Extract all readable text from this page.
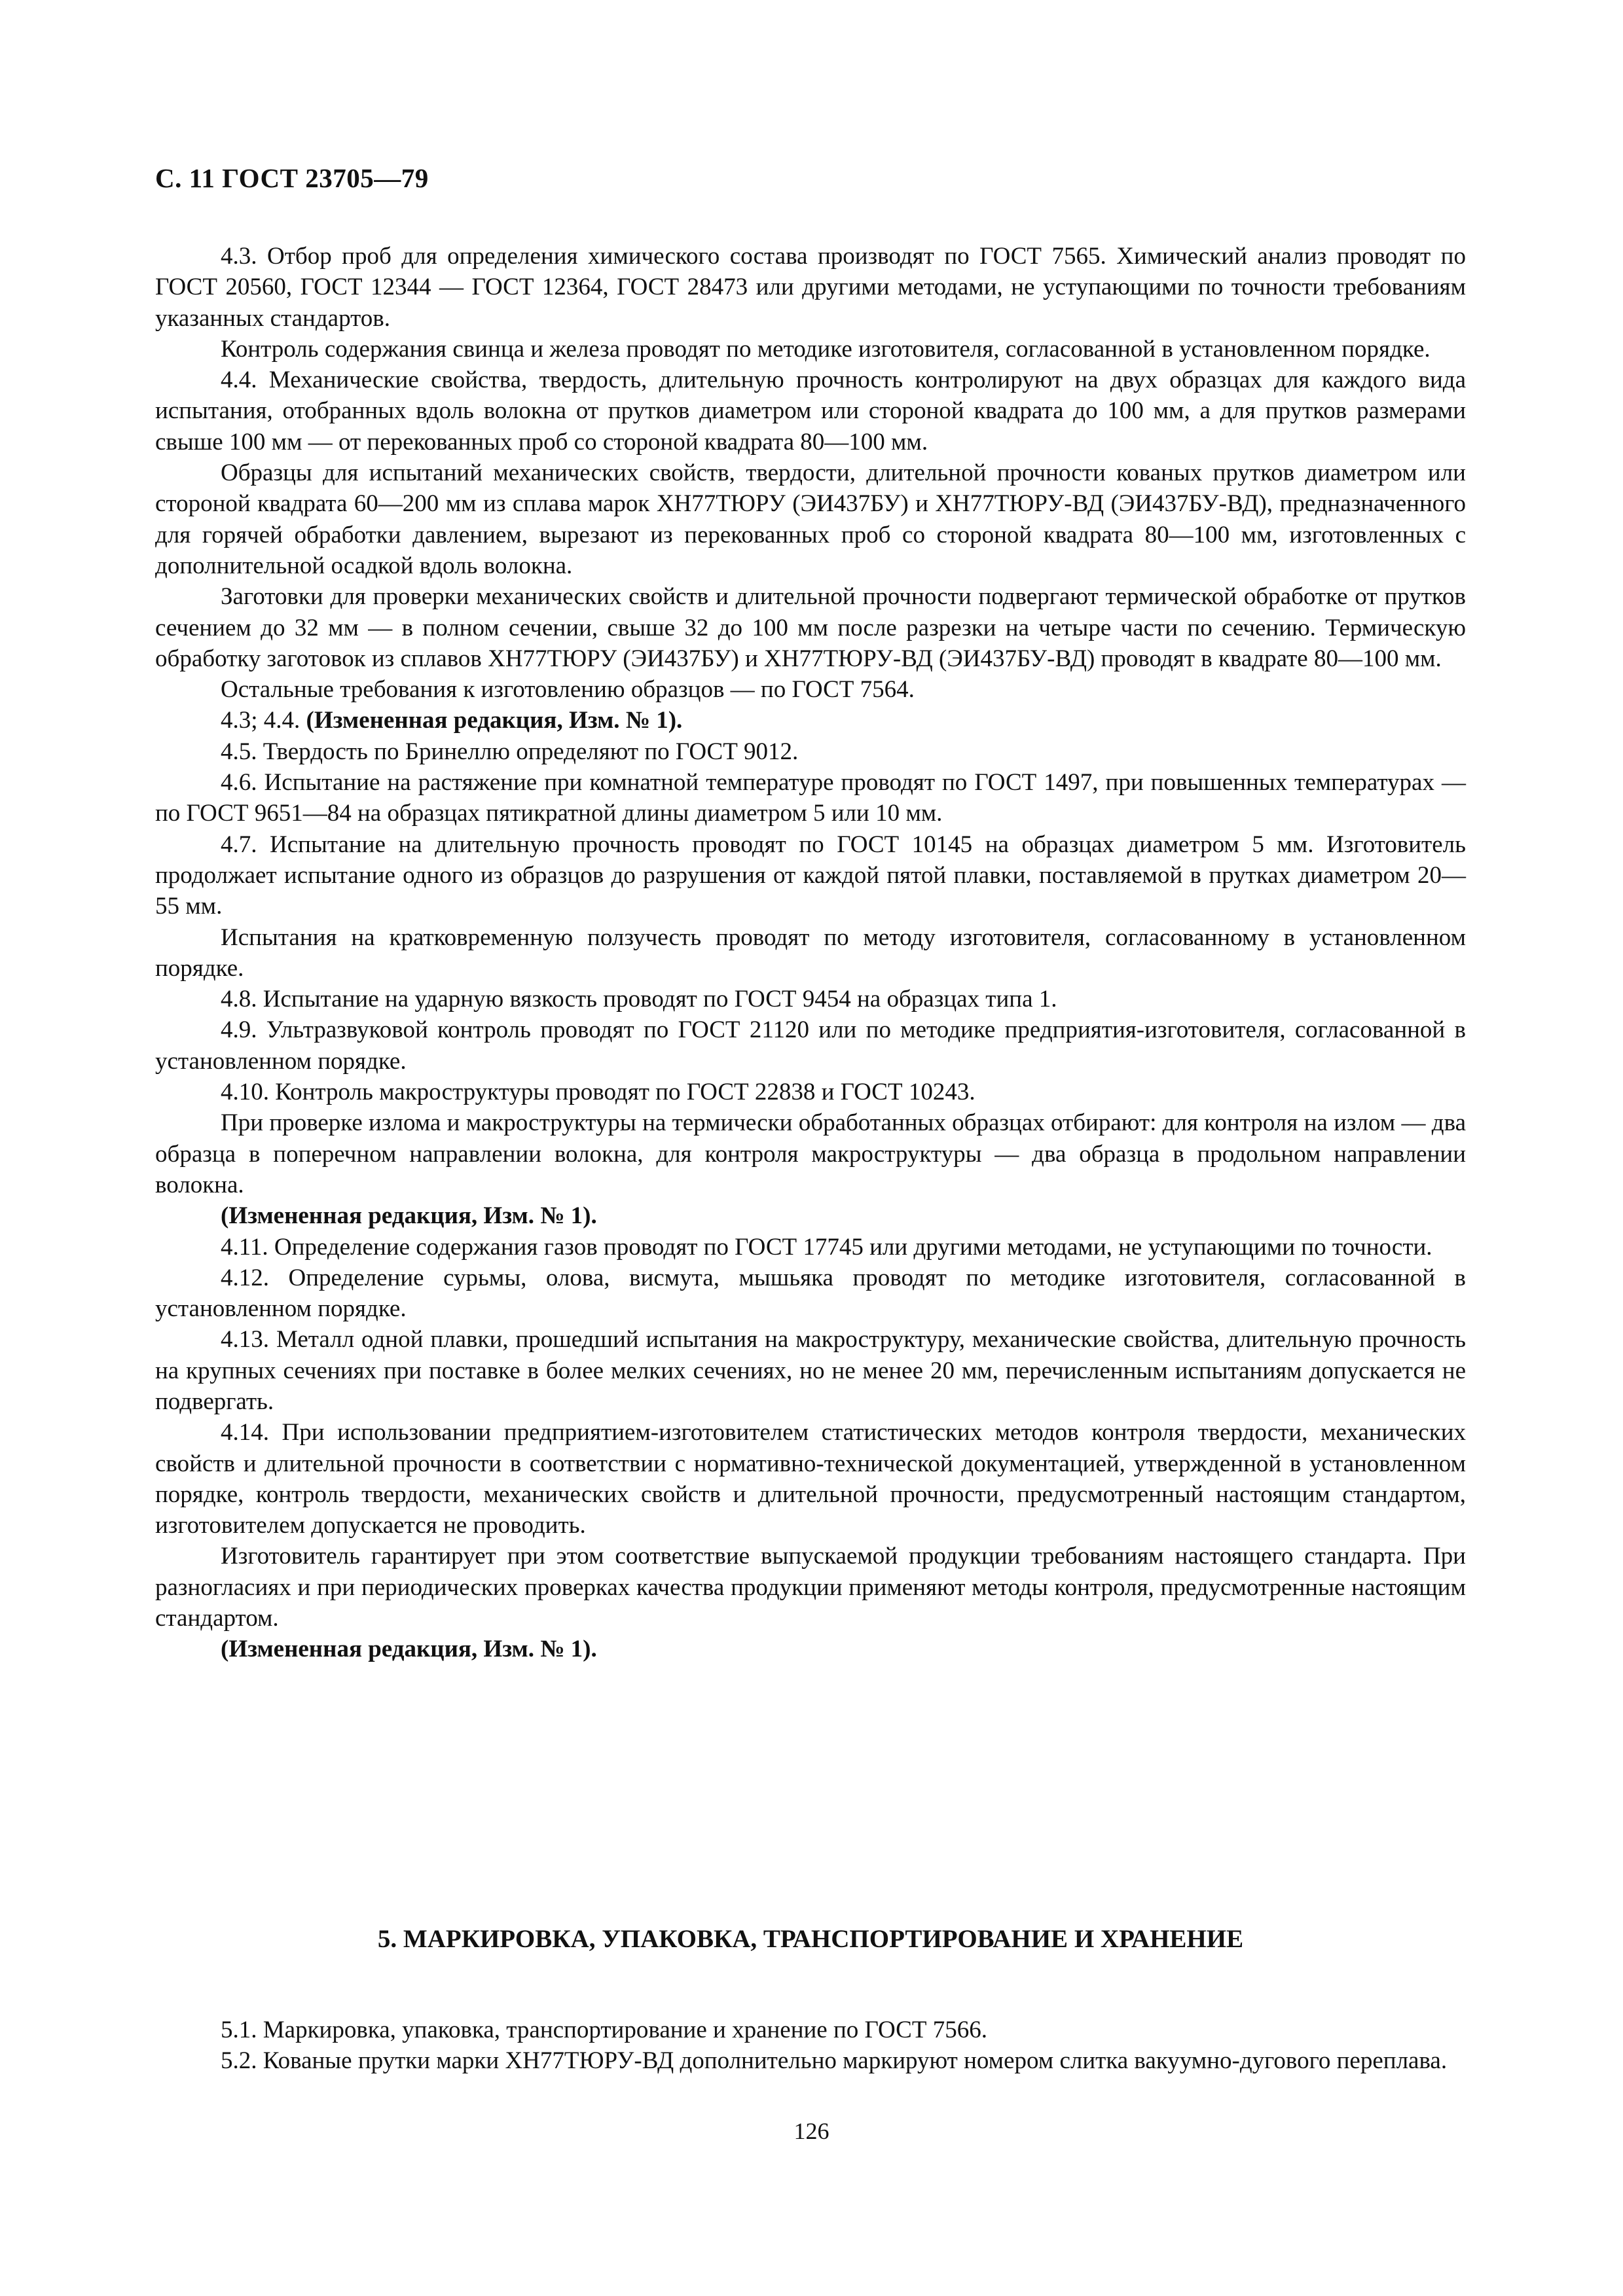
С. 11 ГОСТ 23705—79

4.3. Отбор проб для определения химического состава производят по ГОСТ 7565. Химический анализ проводят по ГОСТ 20560, ГОСТ 12344 — ГОСТ 12364, ГОСТ 28473 или другими методами, не уступающими по точности требованиям указанных стандартов.

Контроль содержания свинца и железа проводят по методике изготовителя, согласованной в установленном порядке.

4.4. Механические свойства, твердость, длительную прочность контролируют на двух образцах для каждого вида испытания, отобранных вдоль волокна от прутков диаметром или стороной квадрата до 100 мм, а для прутков размерами свыше 100 мм — от перекованных проб со стороной квадрата 80—100 мм.

Образцы для испытаний механических свойств, твердости, длительной прочности кованых прутков диаметром или стороной квадрата 60—200 мм из сплава марок ХН77ТЮРУ (ЭИ437БУ) и ХН77ТЮРУ-ВД (ЭИ437БУ-ВД), предназначенного для горячей обработки давлением, вырезают из перекованных проб со стороной квадрата 80—100 мм, изготовленных с дополнительной осадкой вдоль волокна.

Заготовки для проверки механических свойств и длительной прочности подвергают термической обработке от прутков сечением до 32 мм — в полном сечении, свыше 32 до 100 мм после разрезки на четыре части по сечению. Термическую обработку заготовок из сплавов ХН77ТЮРУ (ЭИ437БУ) и ХН77ТЮРУ-ВД (ЭИ437БУ-ВД) проводят в квадрате 80—100 мм.

Остальные требования к изготовлению образцов — по ГОСТ 7564.

4.3; 4.4. (Измененная редакция, Изм. № 1).

4.5. Твердость по Бринеллю определяют по ГОСТ 9012.

4.6. Испытание на растяжение при комнатной температуре проводят по ГОСТ 1497, при повышенных температурах — по ГОСТ 9651—84 на образцах пятикратной длины диаметром 5 или 10 мм.

4.7. Испытание на длительную прочность проводят по ГОСТ 10145 на образцах диаметром 5 мм. Изготовитель продолжает испытание одного из образцов до разрушения от каждой пятой плавки, поставляемой в прутках диаметром 20—55 мм.

Испытания на кратковременную ползучесть проводят по методу изготовителя, согласованному в установленном порядке.

4.8. Испытание на ударную вязкость проводят по ГОСТ 9454 на образцах типа 1.

4.9. Ультразвуковой контроль проводят по ГОСТ 21120 или по методике предприятия-изготовителя, согласованной в установленном порядке.

4.10. Контроль макроструктуры проводят по ГОСТ 22838 и ГОСТ 10243.

При проверке излома и макроструктуры на термически обработанных образцах отбирают: для контроля на излом — два образца в поперечном направлении волокна, для контроля макроструктуры — два образца в продольном направлении волокна.

(Измененная редакция, Изм. № 1).

4.11. Определение содержания газов проводят по ГОСТ 17745 или другими методами, не уступающими по точности.

4.12. Определение сурьмы, олова, висмута, мышьяка проводят по методике изготовителя, согласованной в установленном порядке.

4.13. Металл одной плавки, прошедший испытания на макроструктуру, механические свойства, длительную прочность на крупных сечениях при поставке в более мелких сечениях, но не менее 20 мм, перечисленным испытаниям допускается не подвергать.

4.14. При использовании предприятием-изготовителем статистических методов контроля твердости, механических свойств и длительной прочности в соответствии с нормативно-технической документацией, утвержденной в установленном порядке, контроль твердости, механических свойств и длительной прочности, предусмотренный настоящим стандартом, изготовителем допускается не проводить.

Изготовитель гарантирует при этом соответствие выпускаемой продукции требованиям настоящего стандарта. При разногласиях и при периодических проверках качества продукции применяют методы контроля, предусмотренные настоящим стандартом.

(Измененная редакция, Изм. № 1).

5. МАРКИРОВКА, УПАКОВКА, ТРАНСПОРТИРОВАНИЕ И ХРАНЕНИЕ

5.1. Маркировка, упаковка, транспортирование и хранение по ГОСТ 7566.

5.2. Кованые прутки марки ХН77ТЮРУ-ВД дополнительно маркируют номером слитка вакуумно-дугового переплава.

126
